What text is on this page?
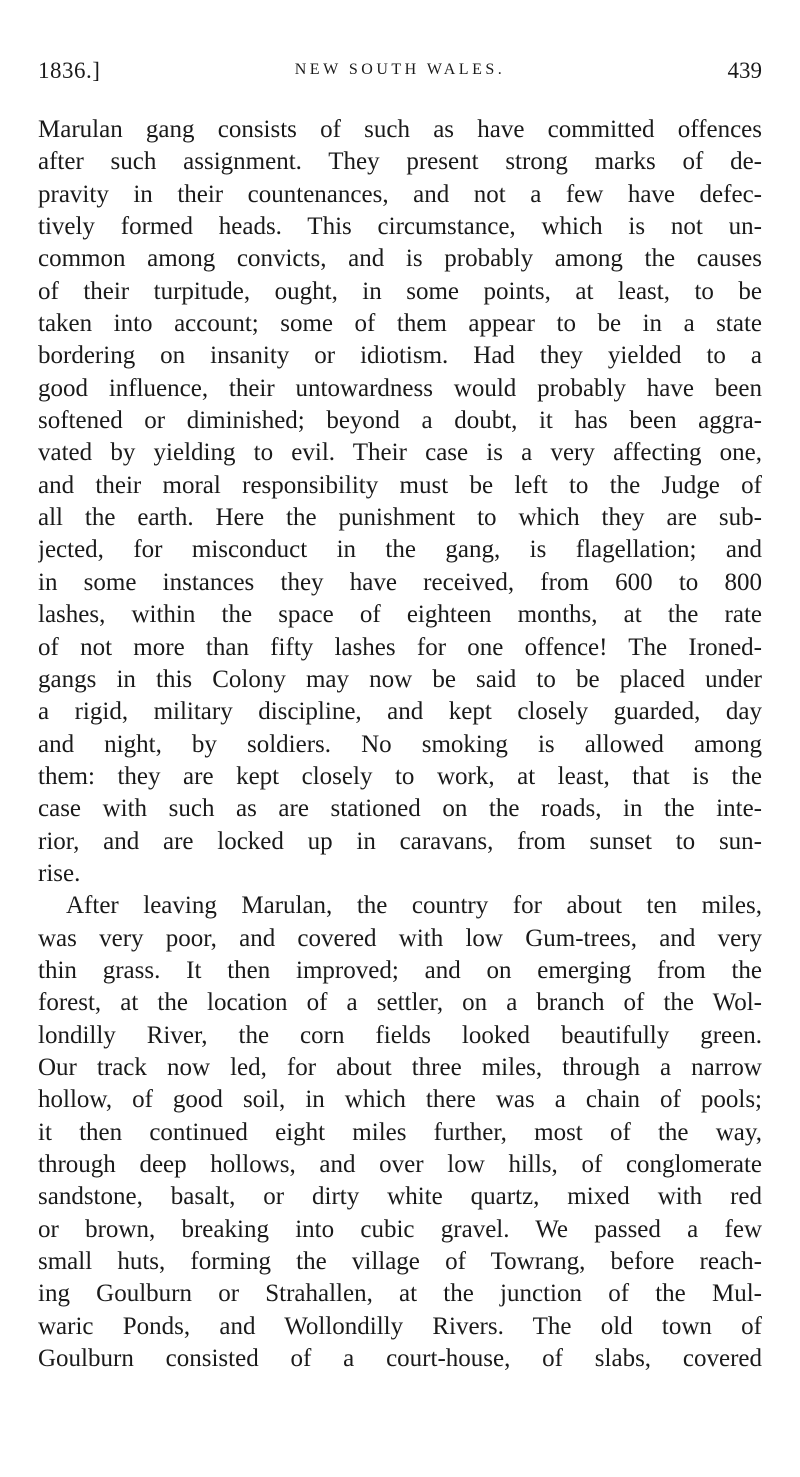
1836.]	NEW SOUTH WALES.	439
Marulan gang consists of such as have committed offences
after such assignment. They present strong marks of de-
pravity in their countenances, and not a few have defec-
tively formed heads. This circumstance, which is not un-
common among convicts, and is probably among the causes
of their turpitude, ought, in some points, at least, to be
taken into account; some of them appear to be in a state
bordering on insanity or idiotism. Had they yielded to a
good influence, their untowardness would probably have been
softened or diminished; beyond a doubt, it has been aggra-
vated by yielding to evil. Their case is a very affecting one,
and their moral responsibility must be left to the Judge of
all the earth. Here the punishment to which they are sub-
jected, for misconduct in the gang, is flagellation; and
in some instances they have received, from 600 to 800
lashes, within the space of eighteen months, at the rate
of not more than fifty lashes for one offence! The Ironed-
gangs in this Colony may now be said to be placed under
a rigid, military discipline, and kept closely guarded, day
and night, by soldiers. No smoking is allowed among
them: they are kept closely to work, at least, that is the
case with such as are stationed on the roads, in the inte-
rior, and are locked up in caravans, from sunset to sun-
rise.
After leaving Marulan, the country for about ten miles,
was very poor, and covered with low Gum-trees, and very
thin grass. It then improved; and on emerging from the
forest, at the location of a settler, on a branch of the Wol-
londilly River, the corn fields looked beautifully green.
Our track now led, for about three miles, through a narrow
hollow, of good soil, in which there was a chain of pools;
it then continued eight miles further, most of the way,
through deep hollows, and over low hills, of conglomerate
sandstone, basalt, or dirty white quartz, mixed with red
or brown, breaking into cubic gravel. We passed a few
small huts, forming the village of Towrang, before reach-
ing Goulburn or Strahallen, at the junction of the Mul-
waric Ponds, and Wollondilly Rivers. The old town of
Goulburn consisted of a court-house, of slabs, covered
